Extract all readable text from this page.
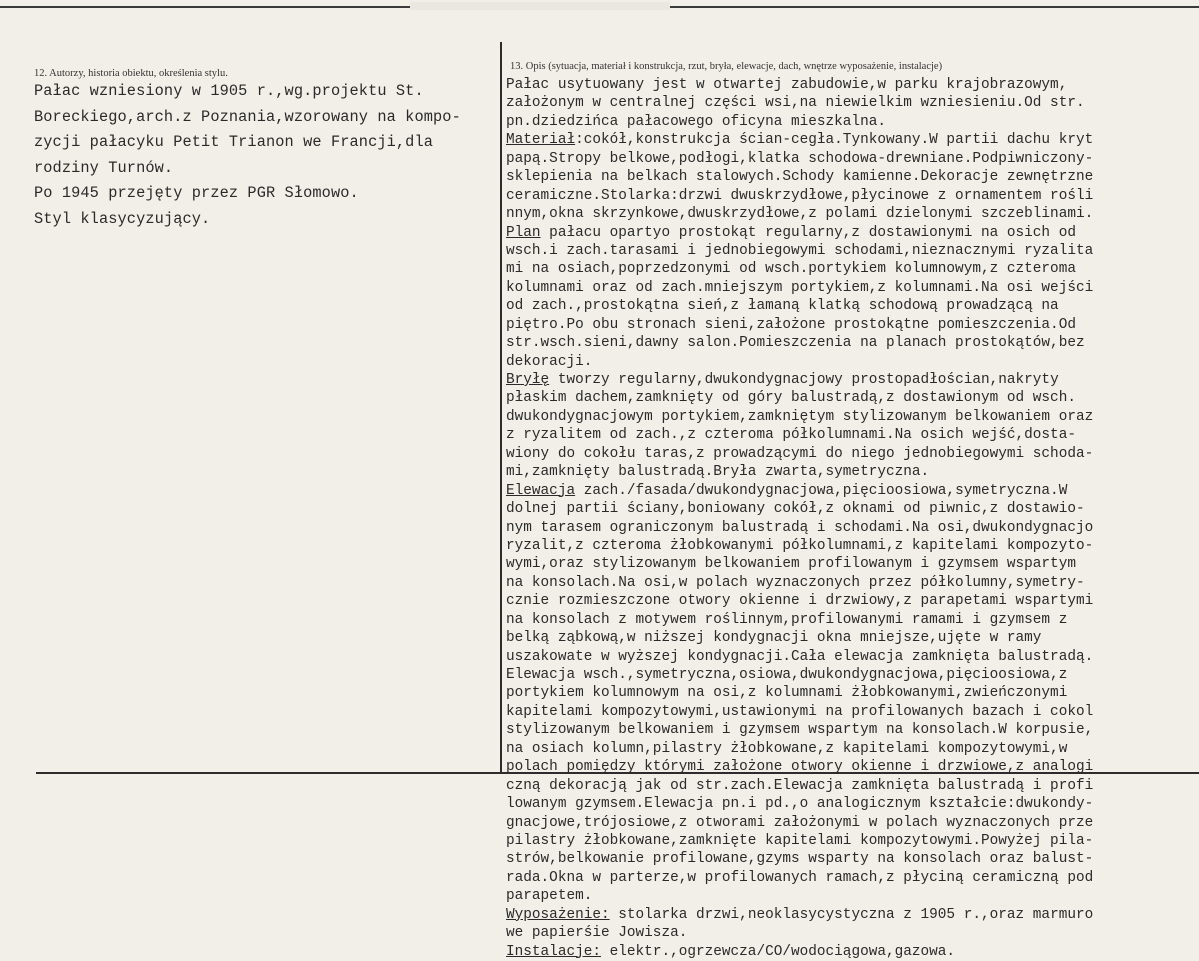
12. Autorzy, historia obiektu, określenia stylu.
13. Opis (sytuacja, materiał i konstrukcja, rzut, bryła, elewacje, dach, wnętrze wyposażenie, instalacje)
Pałac wzniesiony w 1905 r.,wg.projektu St.
Boreckiego,arch.z Poznania,wzorowany na kompo-
zycji pałacyku Petit Trianon we Francji,dla
rodziny Turnów.
Po 1945 przejęty przez PGR Słomowo.
Styl klasycyzujący.
Pałac usytuowany jest w otwartej zabudowie,w parku krajobrazowym,
założonym w centralnej części wsi,na niewielkim wzniesieniu.Od str.
pn.dziedzińca pałacowego oficyna mieszkalna.
Materiał:cokół,konstrukcja ścian-cegła.Tynkowany.W partii dachu kryt
papą.Stropy belkowe,podłogi,klatka schodowa-drewniane.Podpiwniczony-
sklepienia na belkach stalowych.Schody kamienne.Dekoracje zewnętrzne
ceramiczne.Stolarka:drzwi dwuskrzydłowe,płycinowe z ornamentem rośli
nnym,okna skrzynkowe,dwuskrzydłowe,z polami dzielonymi szczeblinami.
Plan pałacu opartyo prostokąt regularny,z dostawionymi na osich od
wsch.i zach.tarasami i jednobiegowymi schodami,nieznacznymi ryzalita
mi na osiach,poprzedzonymi od wsch.portykiem kolumnowym,z czteroma
kolumnami oraz od zach.mniejszym portykiem,z kolumnami.Na osi wejści
od zach.,prostokątna sień,z łamaną klatką schodową prowadzącą na
piętro.Po obu stronach sieni,założone prostokątne pomieszczenia.Od
str.wsch.sieni,dawny salon.Pomieszczenia na planach prostokątów,bez
dekoracji.
Bryłę tworzy regularny,dwukondygnacjowy prostopadłościan,nakryty
płaskim dachem,zamknięty od góry balustradą,z dostawionym od wsch.
dwukondygnacjowym portykiem,zamkniętym stylizowanym belkowaniem oraz
z ryzalitem od zach.,z czteroma półkolumnami.Na osich wejść,dosta-
wiony do cokołu taras,z prowadzącymi do niego jednobiegowymi schoda-
mi,zamknięty balustradą.Bryła zwarta,symetryczna.
Elewacja zach./fasada/dwukondygnacjowa,pięcioosiowa,symetryczna.W
dolnej partii ściany,boniowany cokół,z oknami od piwnic,z dostawio-
nym tarasem ograniczonym balustradą i schodami.Na osi,dwukondygnacjo
ryzalit,z czteroma żłobkowanymi półkolumnami,z kapitelami kompozyto-
wymi,oraz stylizowanym belkowaniem profilowanym i gzymsem wspartym
na konsolach.Na osi,w polach wyznaczonych przez półkolumny,symetry-
cznie rozmieszczone otwory okienne i drzwiowy,z parapetami wspartymi
na konsolach z motywem roślinnym,profilowanymi ramami i gzymsem z
belką ząbkową,w niższej kondygnacji okna mniejsze,ujęte w ramy
uszakowate w wyższej kondygnacji.Cała elewacja zamknięta balustradą.
Elewacja wsch.,symetryczna,osiowa,dwukondygnacjowa,pięcioosiowa,z
portykiem kolumnowym na osi,z kolumnami żłobkowanymi,zwieńczonymi
kapitelami kompozytowymi,ustawionymi na profilowanych bazach i cokol
stylizowanym belkowaniem i gzymsem wspartym na konsolach.W korpusie,
na osiach kolumn,pilastry żłobkowane,z kapitelami kompozytowymi,w
polach pomiędzy którymi założone otwory okienne i drzwiowe,z analogi
czną dekoracją jak od str.zach.Elewacja zamknięta balustradą i profi
lowanym gzymsem.Elewacja pn.i pd.,o analogicznym kształcie:dwukondy-
gnacjowe,trójosiowe,z otworami założonymi w polach wyznaczonych prze
pilastry żłobkowane,zamknięte kapitelami kompozytowymi.Powyżej pila-
strów,belkowanie profilowane,gzyms wsparty na konsolach oraz balust-
rada.Okna w parterze,w profilowanych ramach,z płyciną ceramiczną pod
parapetem.
Wyposażenie: stolarka drzwi,neoklasycystyczna z 1905 r.,oraz marmuro
we papierśie Jowisza.
Instalacje: elektr.,ogrzewcza/CO/wodociągowa,gazowa.
